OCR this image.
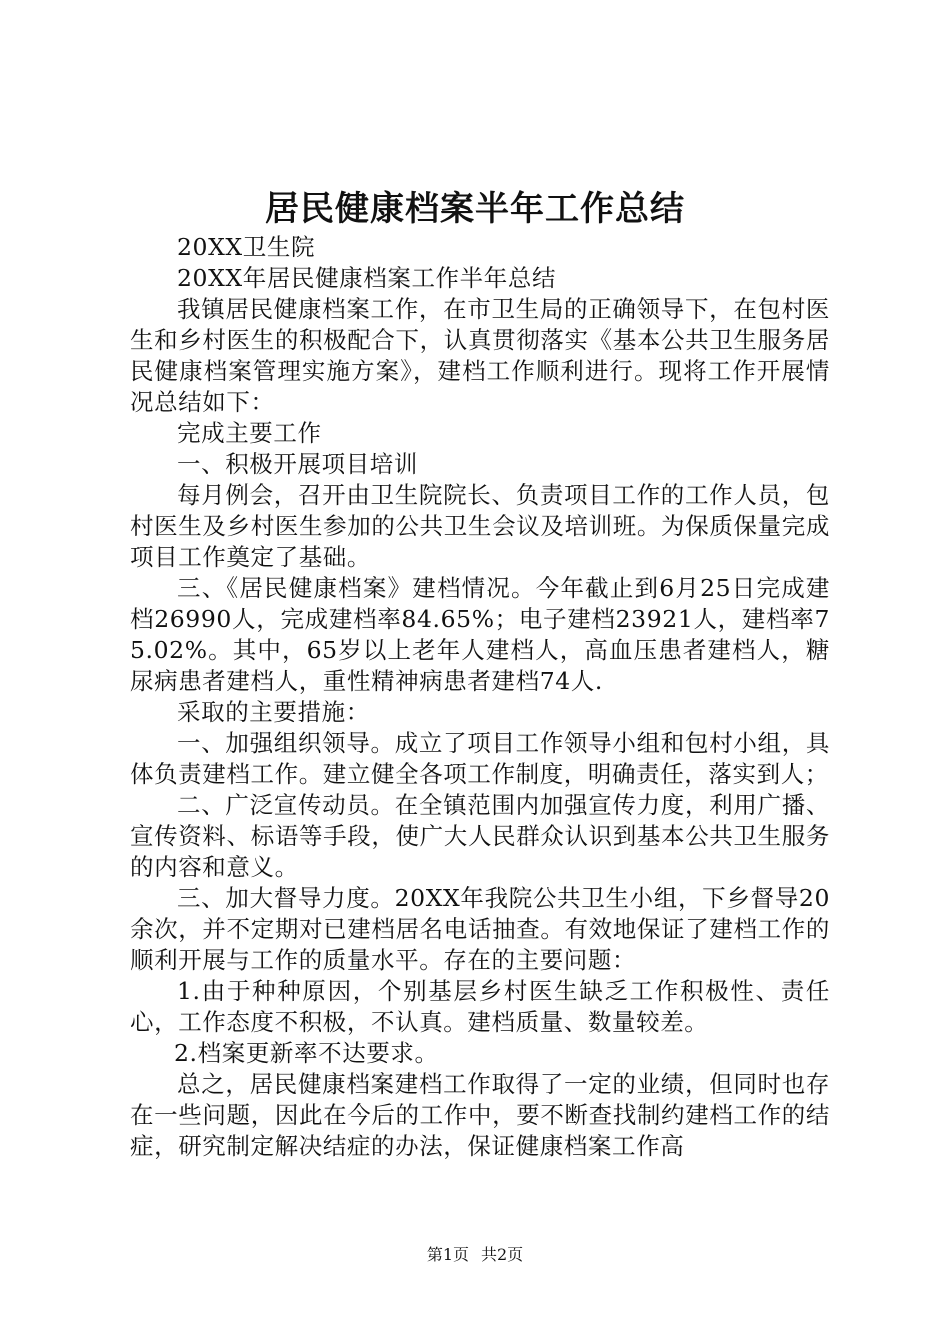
居民健康档案半年工作总结

20XX卫生院

20XX年居民健康档案工作半年总结

我镇居民健康档案工作，在市卫生局的正确领导下，在包村医生和乡村医生的积极配合下，认真贯彻落实《基本公共卫生服务居民健康档案管理实施方案》，建档工作顺利进行。现将工作开展情况总结如下：

完成主要工作

一、积极开展项目培训

每月例会，召开由卫生院院长、负责项目工作的工作人员，包村医生及乡村医生参加的公共卫生会议及培训班。为保质保量完成项目工作奠定了基础。

三、《居民健康档案》建档情况。今年截止到6月25日完成建档26990人，完成建档率84.65%；电子建档23921人，建档率75.02%。其中，65岁以上老年人建档人，高血压患者建档人，糖尿病患者建档人，重性精神病患者建档74人.

采取的主要措施：

一、加强组织领导。成立了项目工作领导小组和包村小组，具体负责建档工作。建立健全各项工作制度，明确责任，落实到人；

二、广泛宣传动员。在全镇范围内加强宣传力度，利用广播、宣传资料、标语等手段，使广大人民群众认识到基本公共卫生服务的内容和意义。

三、加大督导力度。20XX年我院公共卫生小组，下乡督导20余次，并不定期对已建档居名电话抽查。有效地保证了建档工作的顺利开展与工作的质量水平。存在的主要问题：

1.由于种种原因，个别基层乡村医生缺乏工作积极性、责任心，工作态度不积极，不认真。建档质量、数量较差。

2.档案更新率不达要求。

总之，居民健康档案建档工作取得了一定的业绩，但同时也存在一些问题，因此在今后的工作中，要不断查找制约建档工作的结症，研究制定解决结症的办法，保证健康档案工作高

第1页 共2页
